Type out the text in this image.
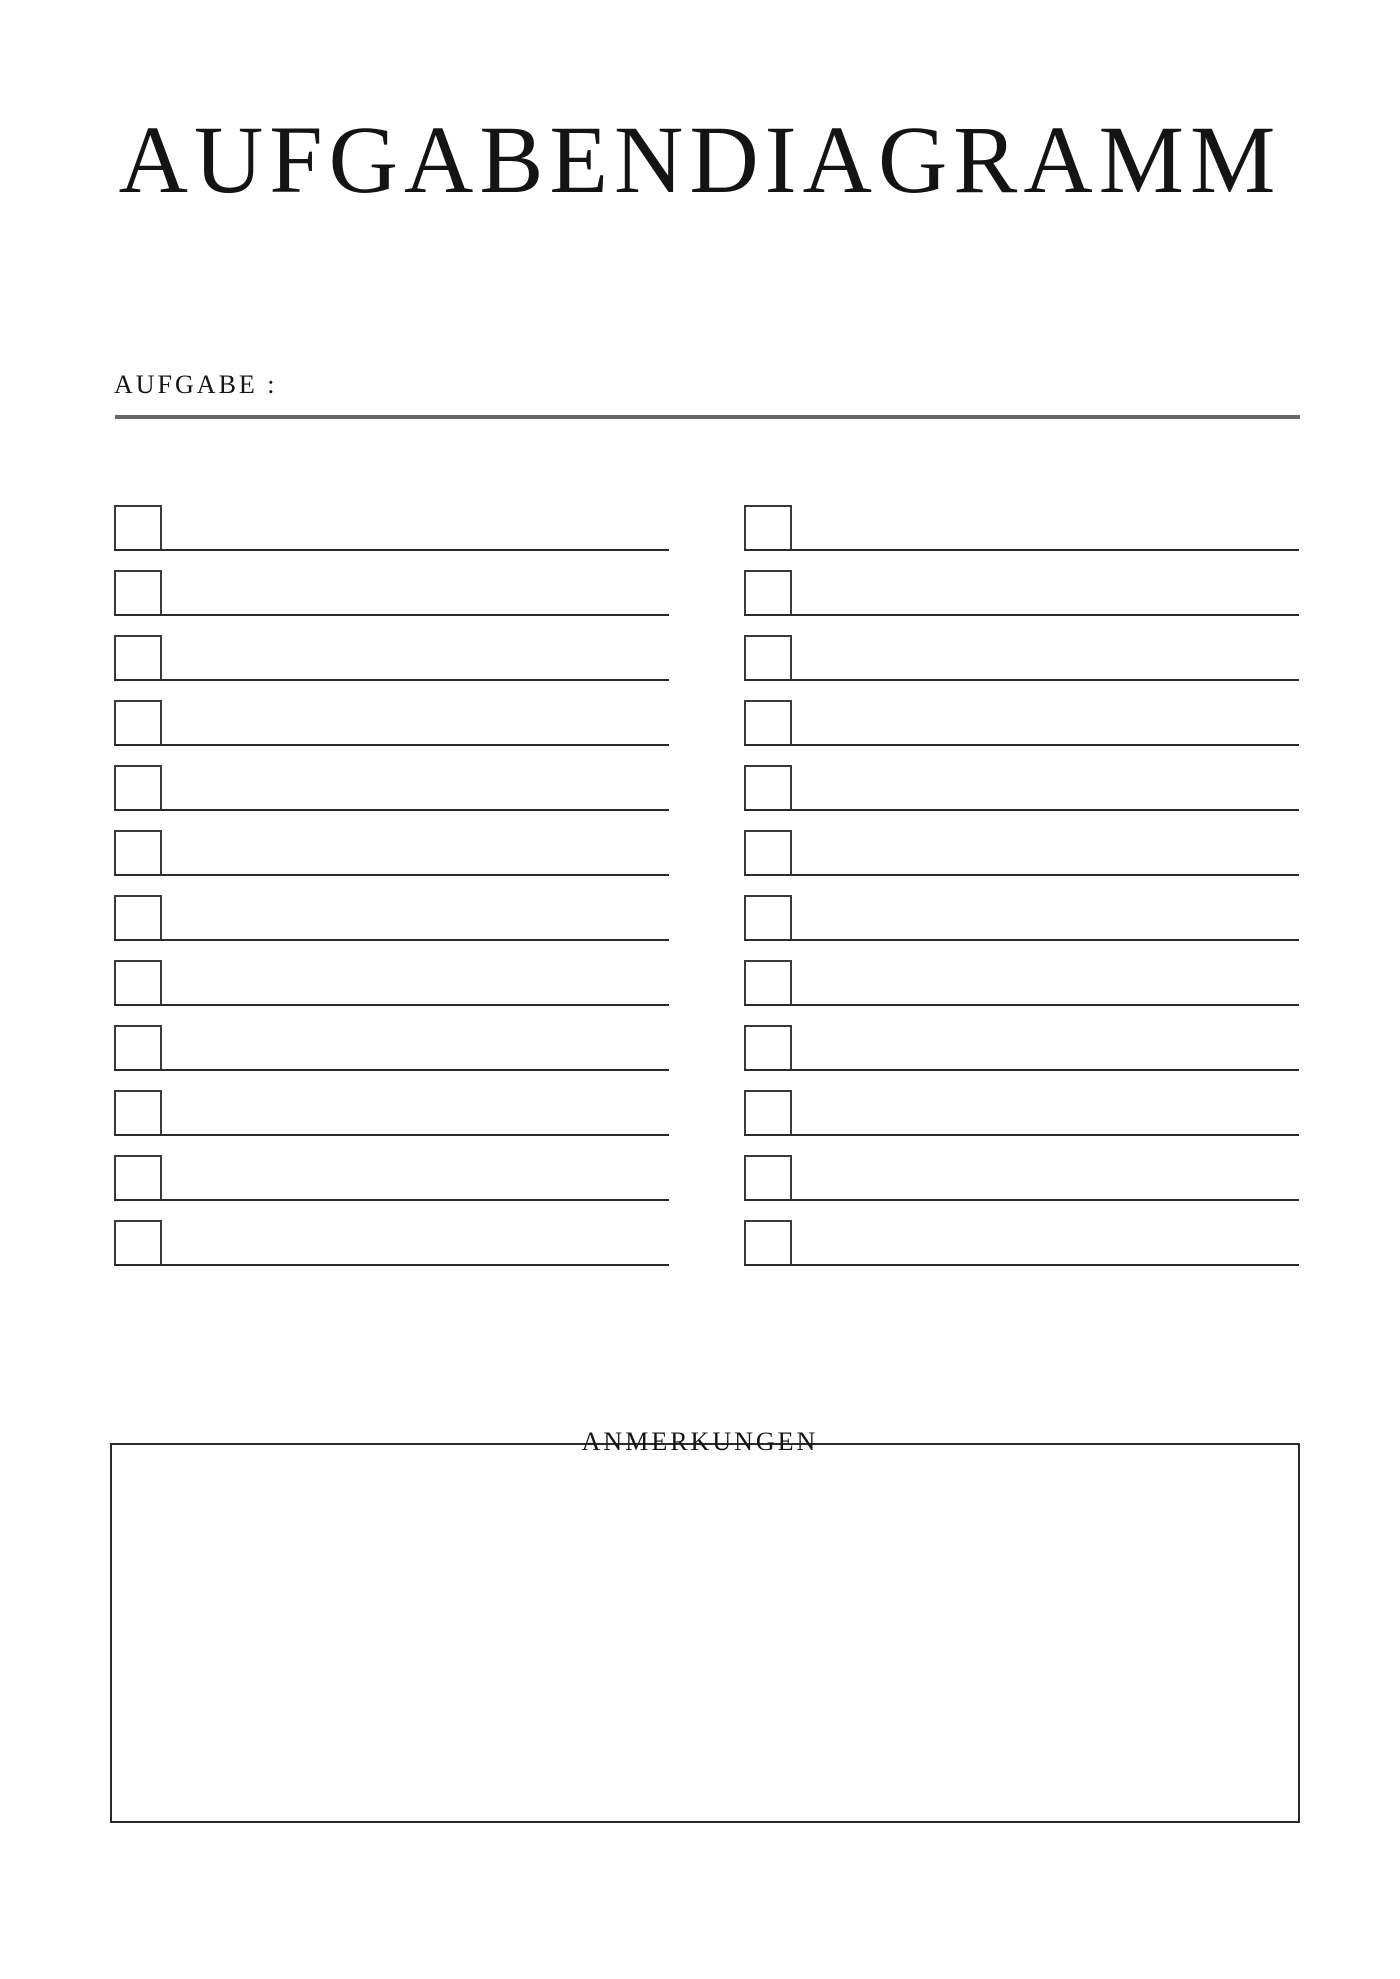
AUFGABENDIAGRAMM
AUFGABE :
ANMERKUNGEN
